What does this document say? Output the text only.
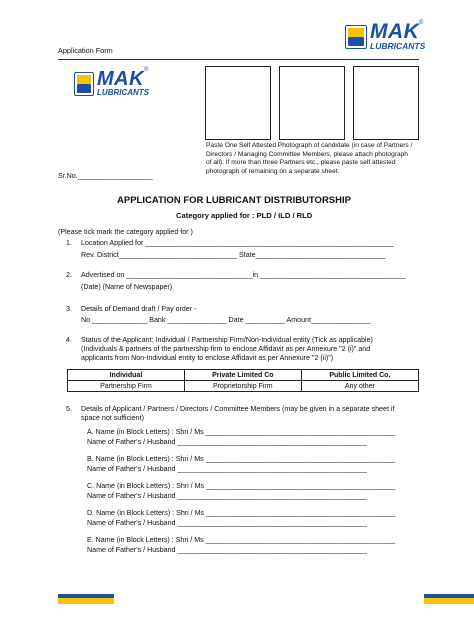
MAK
LUBRICANTS
®
Application Form
MAK
LUBRICANTS
®
Paste One Self Attested Photograph of candidate (in case of Partners /
Directors / Managing Committee Members, please attach photograph
of all). If more than three Partners etc., please paste self attested
photograph of remaining on a separate sheet.
Sr.No.___________________
APPLICATION FOR LUBRICANT DISTRIBUTORSHIP
Category applied for : PLD / ILD / RLD
(Please tick mark the category applied for )
1. Location Applied for _______________________________________________________________
Rev. District______________________________ State_________________________________
2. Advertised on ________________________________in _____________________________________
(Date) (Name of Newspaper)
3. Details of Demand draft / Pay order -
No ______________ Bank _______________ Date __________ Amount_______________
4. Status of the Applicant: Individual / Partnership Firm/Non-Individual entity (Tick as applicable)
(Individuals & partners of the partnership firm to enclose Affidavit as per Annexure "2 (i)" and
applicants from Non-Individual entity to enclose Affidavit as per Annexure "2 (ii)")
Individual	Private Limited Co	Public Limited Co.
Partnership Firm	Proprietorship Firm	Any other
5. Details of Applicant / Partners / Directors / Committee Members (may be given in a separate sheet if
space not sufficient)
A. Name (in Block Letters) : Shri / Ms ________________________________________________
Name of Father's / Husband ________________________________________________
B. Name (in Block Letters) : Shri / Ms ________________________________________________
Name of Father's / Husband ________________________________________________
C. Name (in Block Letters) : Shri / Ms ________________________________________________
Name of Father's / Husband ________________________________________________
D. Name (in Block Letters) : Shri / Ms ________________________________________________
Name of Father's / Husband ________________________________________________
E. Name (in Block Letters) : Shri / Ms ________________________________________________
Name of Father's / Husband ________________________________________________
